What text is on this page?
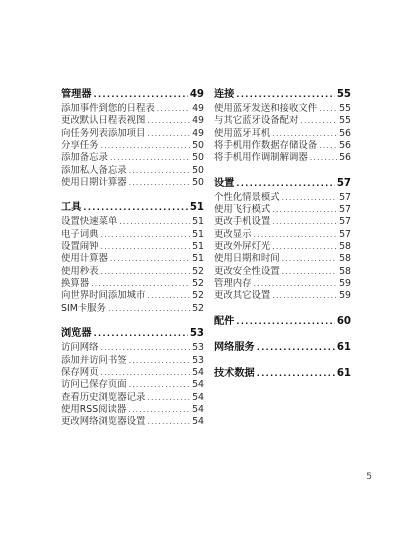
管理器 .....	49
添加事件到您的日程表 .....	49
更改默认日程表视图 .....	49
向任务列表添加项目 .....	49
分享任务 .....	50
添加备忘录 .....	50
添加私人备忘录 .....	50
使用日期计算器 .....	50
工具 .....	51
设置快速菜单 .....	51
电子词典 .....	51
设置闹钟 .....	51
使用计算器 .....	51
使用秒表 .....	52
换算器 .....	52
向世界时间添加城市 .....	52
SIM卡服务 .....	52
浏览器 .....	53
访问网络 .....	53
添加并访问书签 .....	53
保存网页 .....	54
访问已保存页面 .....	54
查看历史浏览器记录 .....	54
使用RSS阅读器 .....	54
更改网络浏览器设置 .....	54
连接 .....	55
使用蓝牙发送和接收文件 ..... 55
与其它蓝牙设备配对 .....	55
使用蓝牙耳机 .....	56
将手机用作数据存储设备 ..... 56
将手机用作调制解调器 .....	56
设置 .....	57
个性化情景模式 .....	57
使用飞行模式 .....	57
更改手机设置 .....	57
更改显示 .....	57
更改外屏灯光 .....	58
使用日期和时间 .....	58
更改安全性设置 .....	58
管理内存 .....	59
更改其它设置 .....	59
配件 .....	60
网络服务 .....	61
技术数据 .....	61
5
